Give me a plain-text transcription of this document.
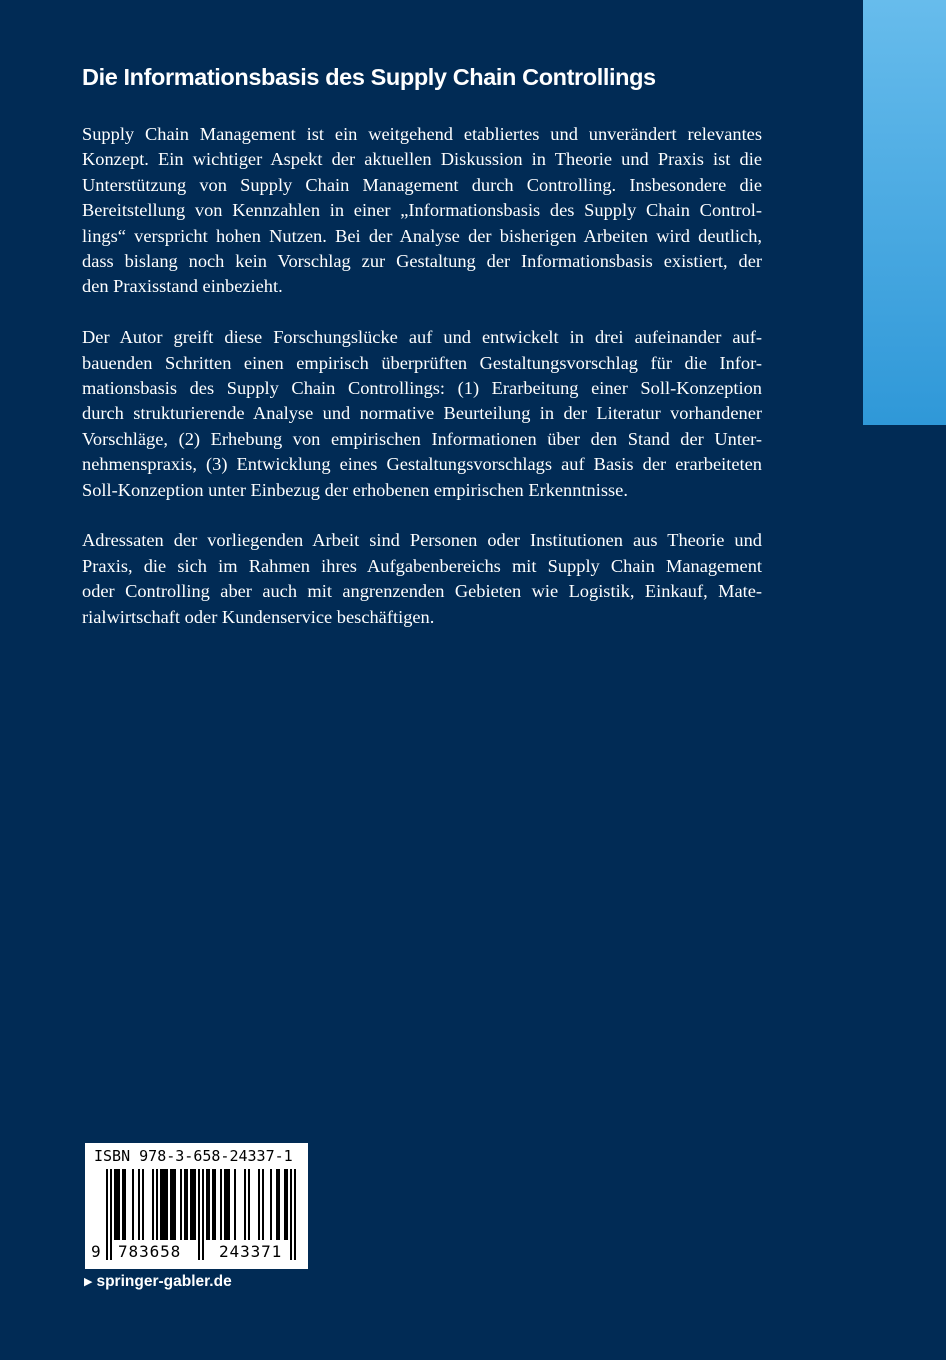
Die Informationsbasis des Supply Chain Controllings

Supply Chain Management ist ein weitgehend etabliertes und unverändert relevantes
Konzept. Ein wichtiger Aspekt der aktuellen Diskussion in Theorie und Praxis ist die
Unterstützung von Supply Chain Management durch Controlling. Insbesondere die
Bereitstellung von Kennzahlen in einer „Informationsbasis des Supply Chain Control-
lings“ verspricht hohen Nutzen. Bei der Analyse der bisherigen Arbeiten wird deutlich,
dass bislang noch kein Vorschlag zur Gestaltung der Informationsbasis existiert, der
den Praxisstand einbezieht.

Der Autor greift diese Forschungslücke auf und entwickelt in drei aufeinander auf-
bauenden Schritten einen empirisch überprüften Gestaltungsvorschlag für die Infor-
mationsbasis des Supply Chain Controllings: (1) Erarbeitung einer Soll-Konzeption
durch strukturierende Analyse und normative Beurteilung in der Literatur vorhandener
Vorschläge, (2) Erhebung von empirischen Informationen über den Stand der Unter-
nehmenspraxis, (3) Entwicklung eines Gestaltungsvorschlags auf Basis der erarbeiteten
Soll-Konzeption unter Einbezug der erhobenen empirischen Erkenntnisse.

Adressaten der vorliegenden Arbeit sind Personen oder Institutionen aus Theorie und
Praxis, die sich im Rahmen ihres Aufgabenbereichs mit Supply Chain Management
oder Controlling aber auch mit angrenzenden Gebieten wie Logistik, Einkauf, Mate-
rialwirtschaft oder Kundenservice beschäftigen.

ISBN 978-3-658-24337-1
9 783658 243371
▶ springer-gabler.de
